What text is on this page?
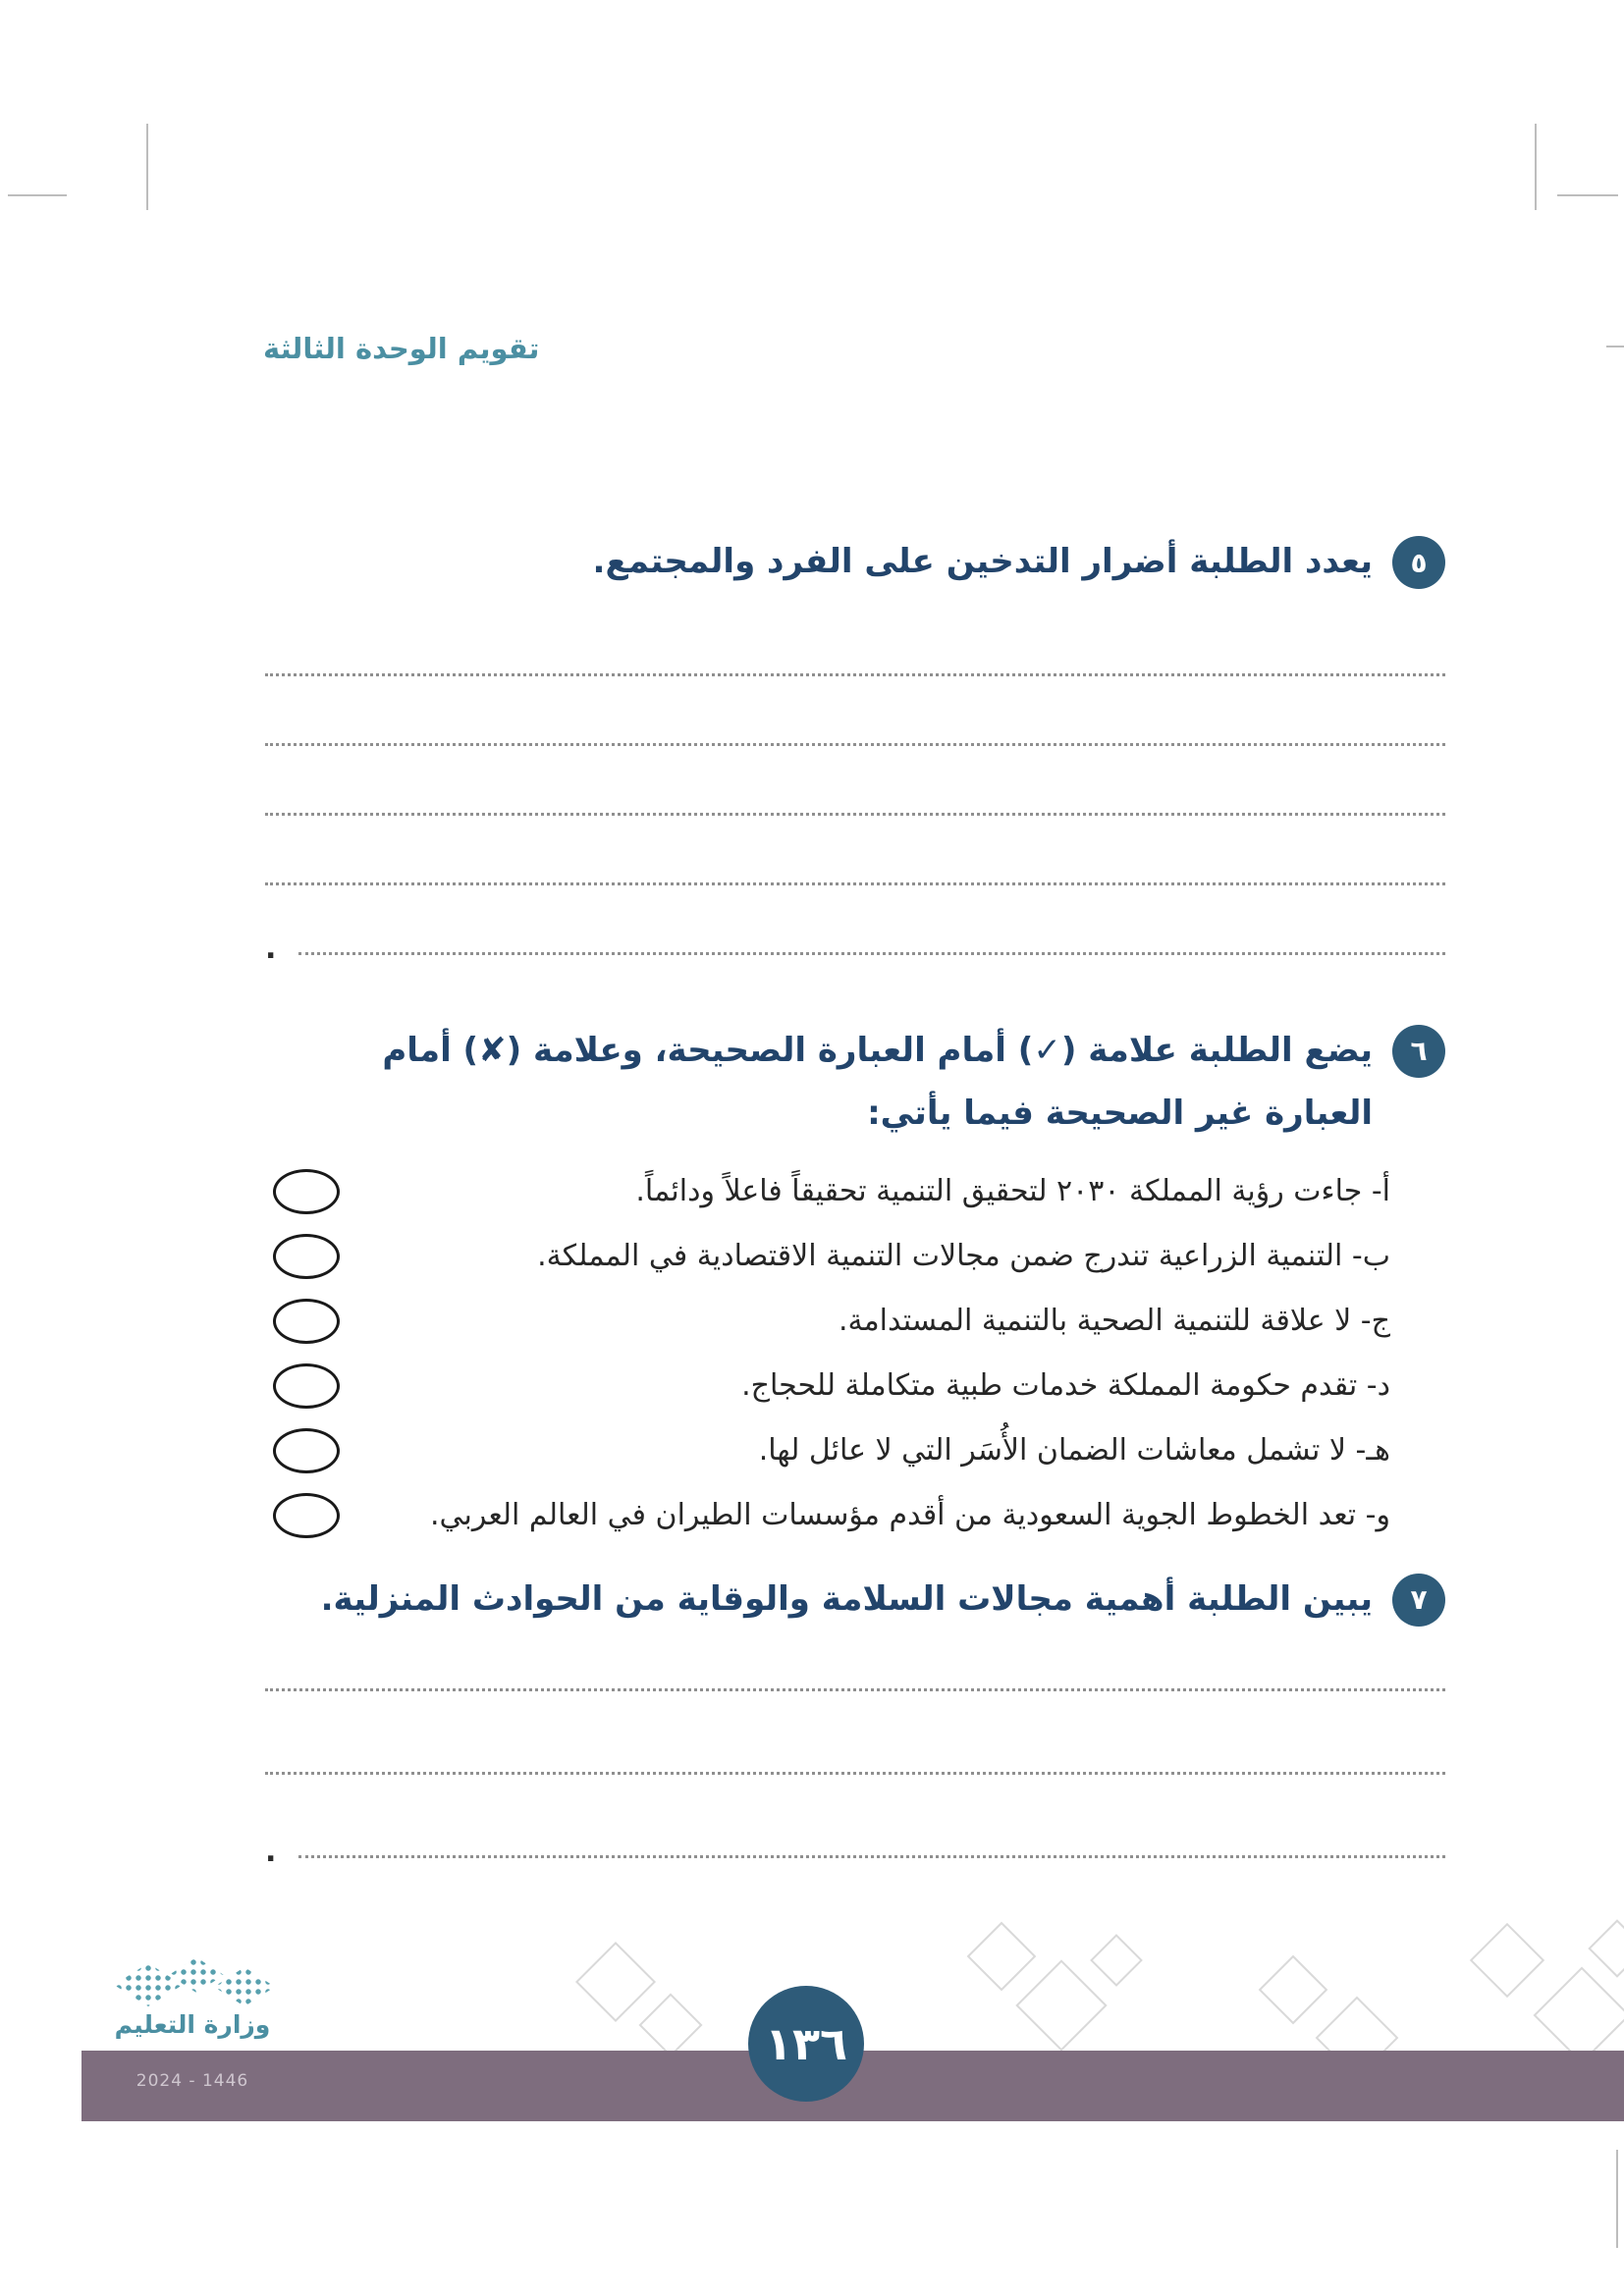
تقويم الوحدة الثالثة
٥
يعدد الطلبة أضرار التدخين على الفرد والمجتمع.
.
٦
يضع الطلبة علامة (✓) أمام العبارة الصحيحة، وعلامة (✘) أمام العبارة غير الصحيحة فيما يأتي:
أ- جاءت رؤية المملكة ٢٠٣٠ لتحقيق التنمية تحقيقاً فاعلاً ودائماً.
ب- التنمية الزراعية تندرج ضمن مجالات التنمية الاقتصادية في المملكة.
ج- لا علاقة للتنمية الصحية بالتنمية المستدامة.
د- تقدم حكومة المملكة خدمات طبية متكاملة للحجاج.
هـ- لا تشمل معاشات الضمان الأُسَر التي لا عائل لها.
و- تعد الخطوط الجوية السعودية من أقدم مؤسسات الطيران في العالم العربي.
٧
يبين الطلبة أهمية مجالات السلامة والوقاية من الحوادث المنزلية.
.
١٣٦
وزارة التعليم
2024 - 1446
